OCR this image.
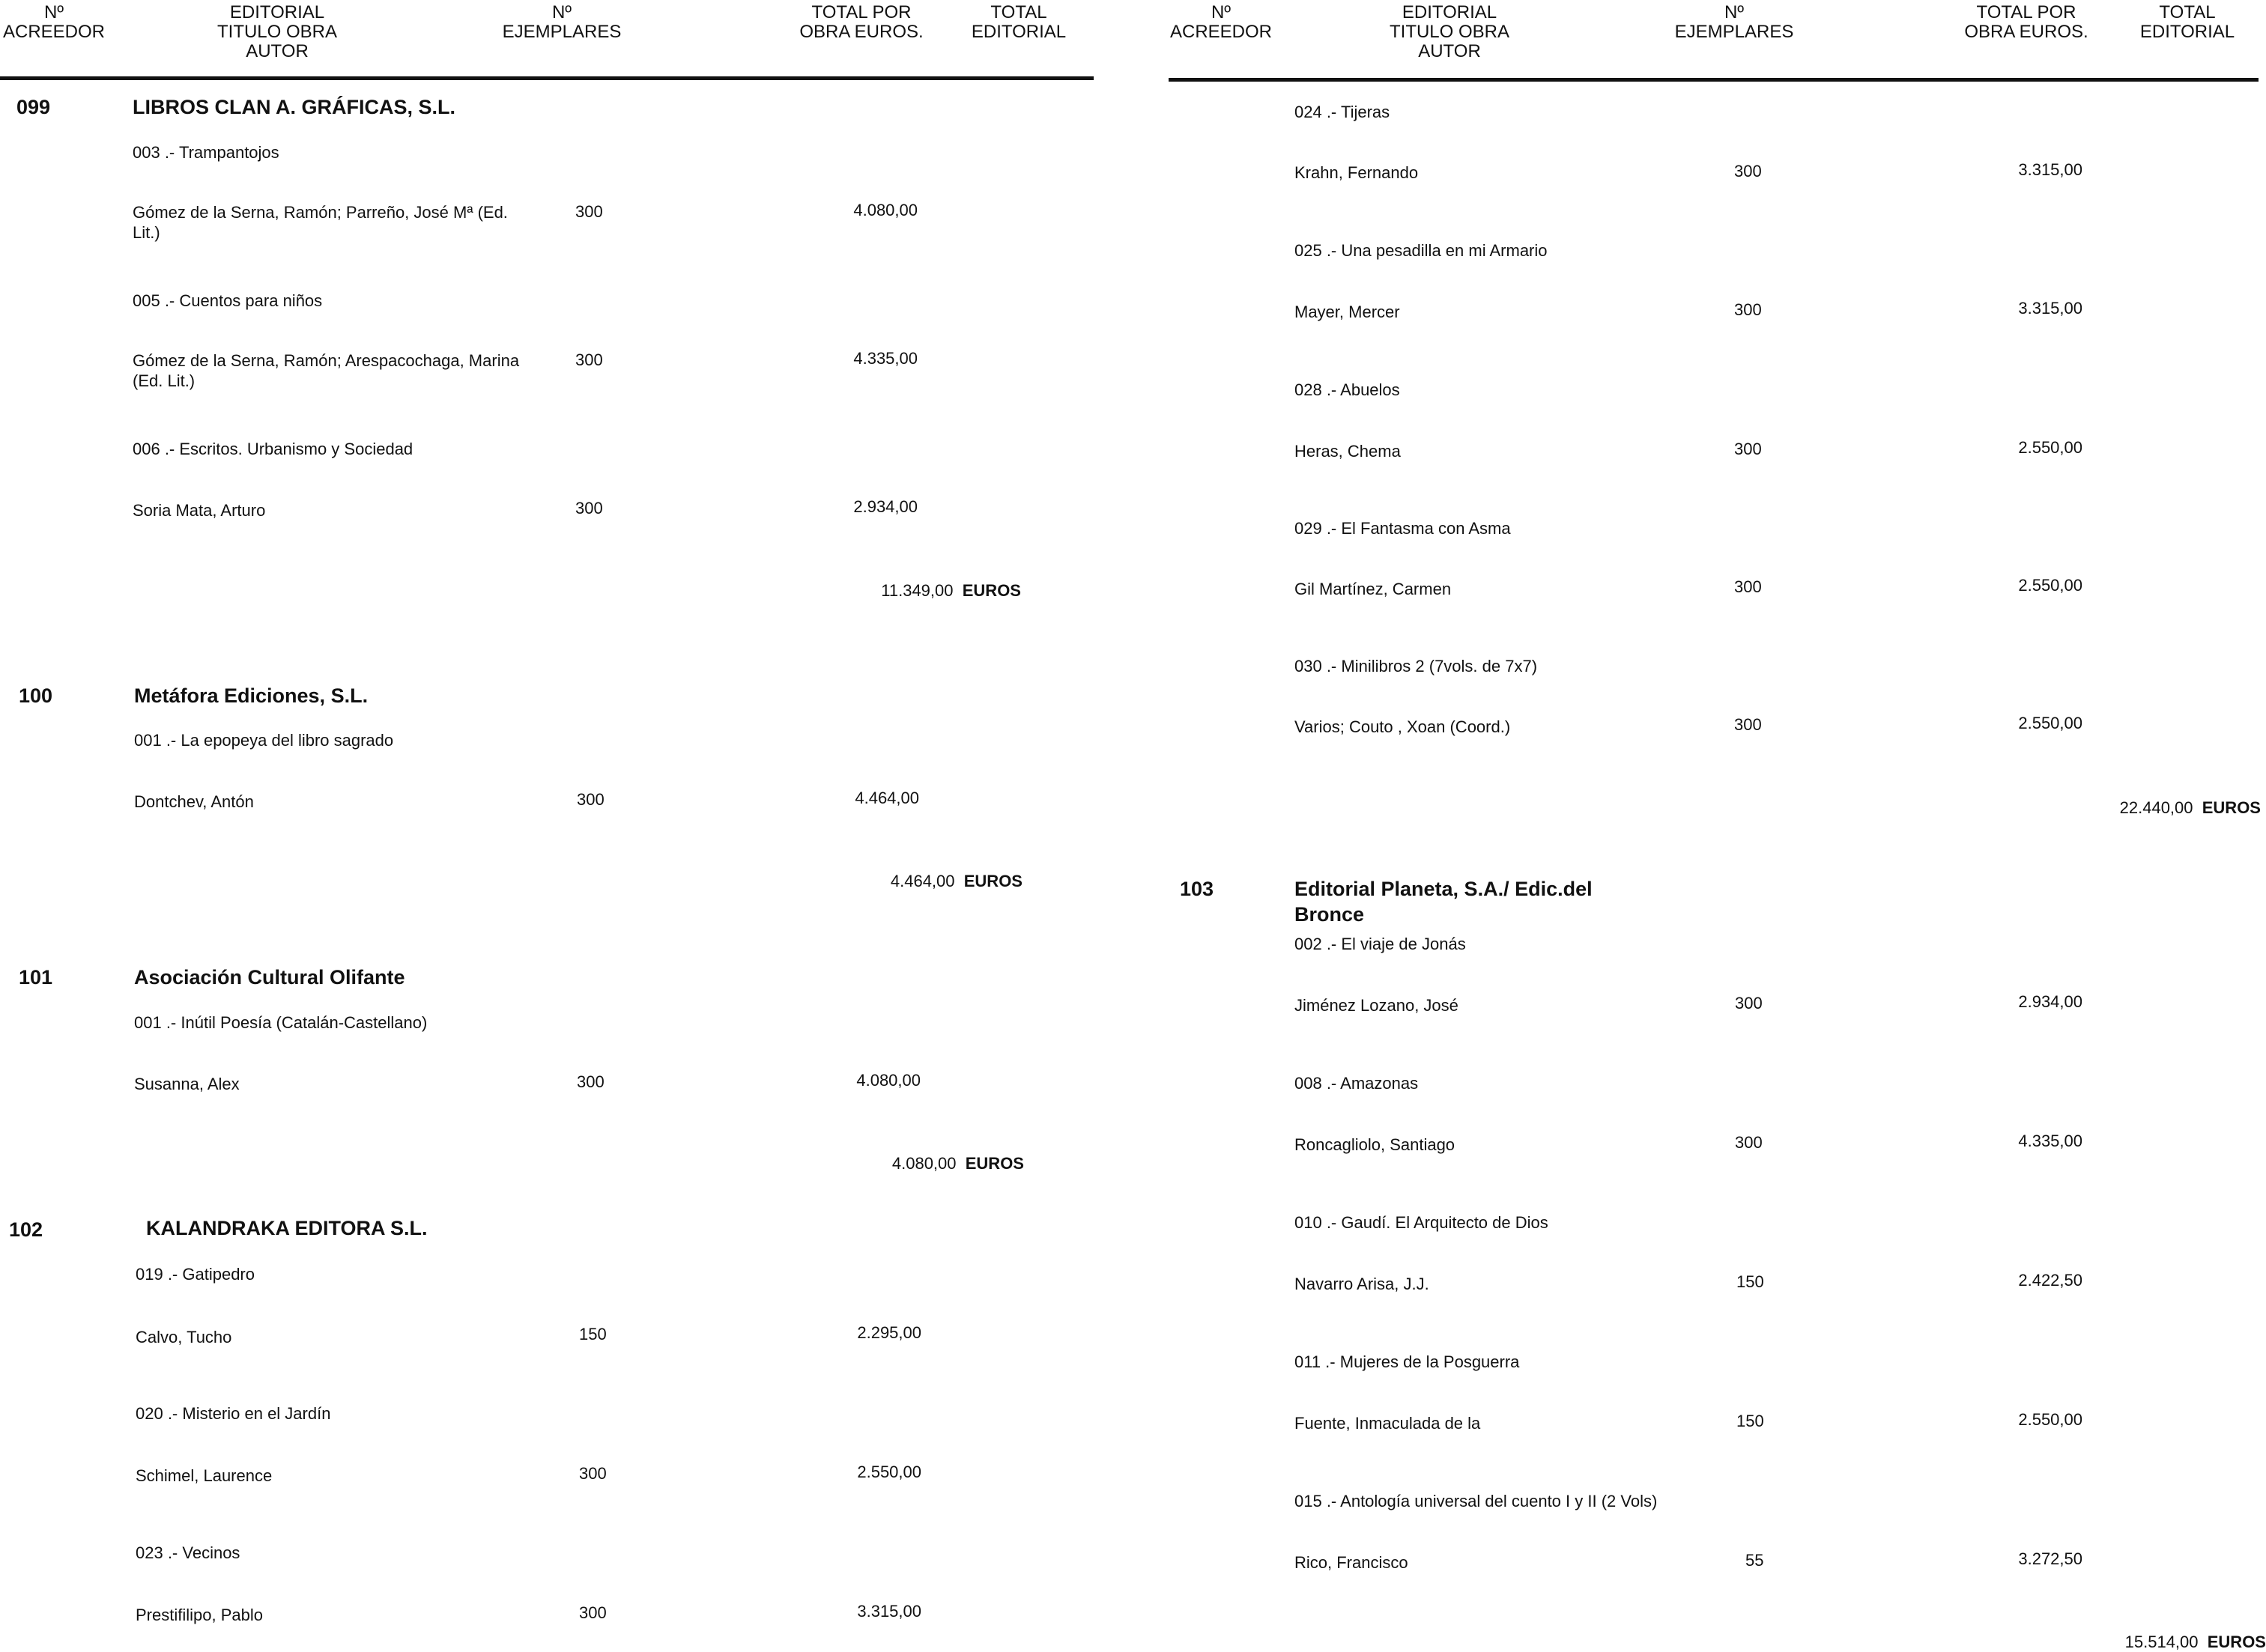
Nº
ACREEDOR
EDITORIAL
TITULO OBRA
AUTOR
Nº
EJEMPLARES
TOTAL POR
OBRA EUROS.
TOTAL
EDITORIAL
099	LIBROS CLAN A. GRÁFICAS, S.L.
003 .- Trampantojos
Gómez de la Serna, Ramón; Parreño, José Mª (Ed. Lit.)
300	4.080,00
005 .- Cuentos para niños
Gómez de la Serna, Ramón; Arespacochaga, Marina (Ed. Lit.)
300	4.335,00
006 .- Escritos. Urbanismo y Sociedad
Soria Mata, Arturo	300	2.934,00
11.349,00 EUROS
100	Metáfora Ediciones, S.L.
001 .- La epopeya del libro sagrado
Dontchev, Antón	300	4.464,00
4.464,00 EUROS
101	Asociación Cultural Olifante
001 .- Inútil Poesía (Catalán-Castellano)
Susanna, Alex	300	4.080,00
4.080,00 EUROS
102	KALANDRAKA EDITORA S.L.
019 .- Gatipedro
Calvo, Tucho	150	2.295,00
020 .- Misterio en el Jardín
Schimel, Laurence	300	2.550,00
023 .- Vecinos
Prestifilipo, Pablo	300	3.315,00
Nº
ACREEDOR
EDITORIAL
TITULO OBRA
AUTOR
Nº
EJEMPLARES
TOTAL POR
OBRA EUROS.
TOTAL
EDITORIAL
024 .- Tijeras
Krahn, Fernando	300	3.315,00
025 .- Una pesadilla en mi Armario
Mayer, Mercer	300	3.315,00
028 .- Abuelos
Heras, Chema	300	2.550,00
029 .- El Fantasma con Asma
Gil Martínez, Carmen	300	2.550,00
030 .- Minilibros 2 (7vols. de 7x7)
Varios; Couto , Xoan (Coord.)	300	2.550,00
22.440,00 EUROS
103	Editorial Planeta, S.A./ Edic.del Bronce
002 .- El viaje de Jonás
Jiménez Lozano, José	300	2.934,00
008 .- Amazonas
Roncagliolo, Santiago	300	4.335,00
010 .- Gaudí. El Arquitecto de Dios
Navarro Arisa, J.J.	150	2.422,50
011 .- Mujeres de la Posguerra
Fuente, Inmaculada de la	150	2.550,00
015 .- Antología universal del cuento I y II (2 Vols)
Rico, Francisco	55	3.272,50
15.514,00 EUROS
